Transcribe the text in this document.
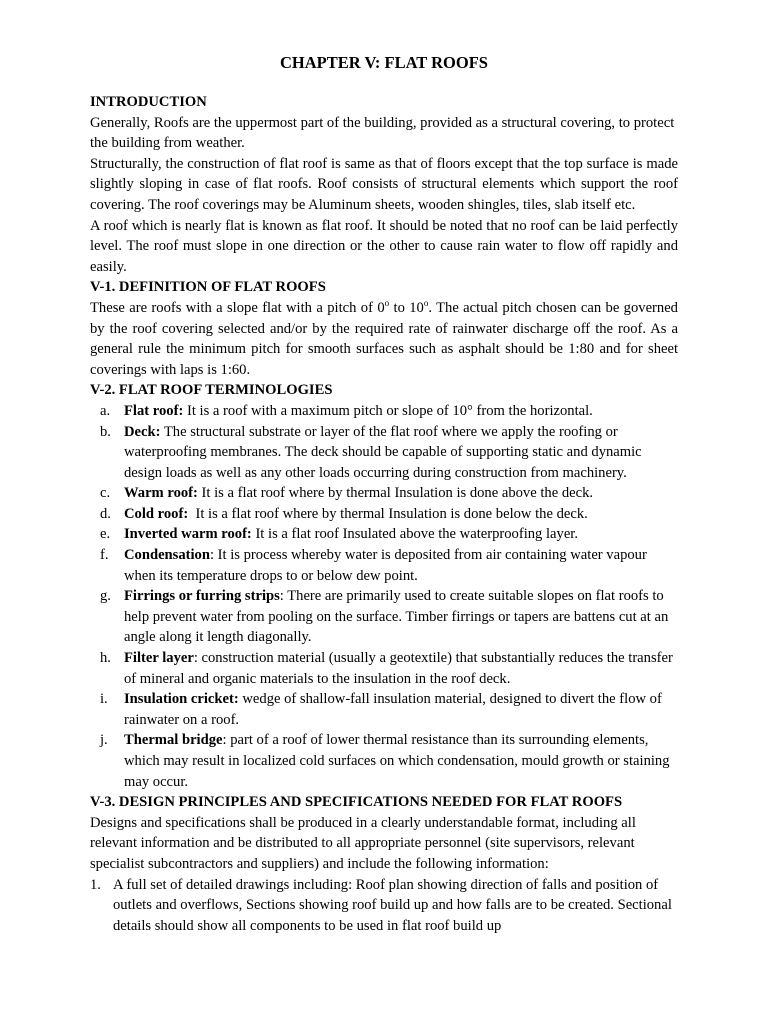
CHAPTER V: FLAT ROOFS

INTRODUCTION

Generally, Roofs are the uppermost part of the building, provided as a structural covering, to protect the building from weather.

Structurally, the construction of flat roof is same as that of floors except that the top surface is made slightly sloping in case of flat roofs. Roof consists of structural elements which support the roof covering. The roof coverings may be Aluminum sheets, wooden shingles, tiles, slab itself etc.

A roof which is nearly flat is known as flat roof. It should be noted that no roof can be laid perfectly level. The roof must slope in one direction or the other to cause rain water to flow off rapidly and easily.

V-1. DEFINITION OF FLAT ROOFS

These are roofs with a slope flat with a pitch of 0$^o$ to 10$^o$. The actual pitch chosen can be governed by the roof covering selected and/or by the required rate of rainwater discharge off the roof. As a general rule the minimum pitch for smooth surfaces such as asphalt should be 1:80 and for sheet coverings with laps is 1:60.

V-2. FLAT ROOF TERMINOLOGIES

a. Flat roof: It is a roof with a maximum pitch or slope of 10° from the horizontal.
b. Deck: The structural substrate or layer of the flat roof where we apply the roofing or waterproofing membranes. The deck should be capable of supporting static and dynamic design loads as well as any other loads occurring during construction from machinery.
c. Warm roof: It is a flat roof where by thermal Insulation is done above the deck.
d. Cold roof:  It is a flat roof where by thermal Insulation is done below the deck.
e. Inverted warm roof: It is a flat roof Insulated above the waterproofing layer.
f. Condensation: It is process whereby water is deposited from air containing water vapour when its temperature drops to or below dew point.
g. Firrings or furring strips: There are primarily used to create suitable slopes on flat roofs to help prevent water from pooling on the surface. Timber firrings or tapers are battens cut at an angle along it length diagonally.
h. Filter layer: construction material (usually a geotextile) that substantially reduces the transfer of mineral and organic materials to the insulation in the roof deck.
i. Insulation cricket: wedge of shallow-fall insulation material, designed to divert the flow of rainwater on a roof.
j. Thermal bridge: part of a roof of lower thermal resistance than its surrounding elements, which may result in localized cold surfaces on which condensation, mould growth or staining may occur.

V-3. DESIGN PRINCIPLES AND SPECIFICATIONS NEEDED FOR FLAT ROOFS

Designs and specifications shall be produced in a clearly understandable format, including all relevant information and be distributed to all appropriate personnel (site supervisors, relevant specialist subcontractors and suppliers) and include the following information:

1. A full set of detailed drawings including: Roof plan showing direction of falls and position of outlets and overflows, Sections showing roof build up and how falls are to be created. Sectional details should show all components to be used in flat roof build up
